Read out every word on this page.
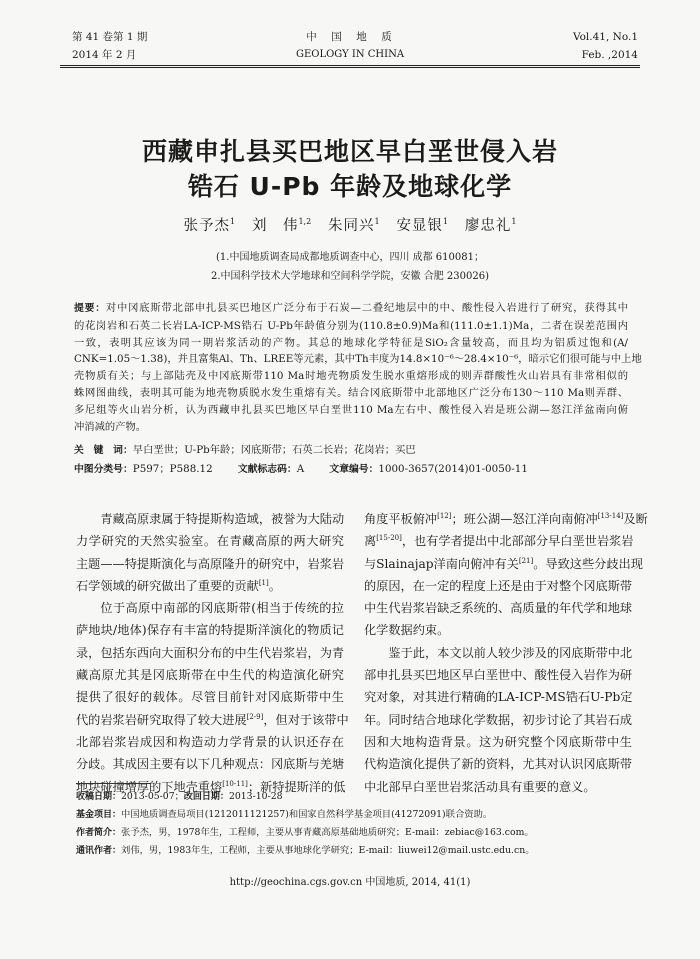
第 41 卷第 1 期
2014 年 2 月
中　国　地　质
GEOLOGY IN CHINA
Vol.41, No.1
Feb. ,2014
西藏申扎县买巴地区早白垩世侵入岩
锆石 U-Pb 年龄及地球化学
张予杰$^1$ 刘　伟$^{1,2}$ 朱同兴$^1$ 安显银$^1$ 廖忠礼$^1$
(1.中国地质调查局成都地质调查中心，四川 成都 610081；
2.中国科学技术大学地球和空间科学学院，安徽 合肥 230026)
提要：对中冈底斯带北部申扎县买巴地区广泛分布于石炭—二叠纪地层中的中、酸性侵入岩进行了研究，获得其中
的花岗岩和石英二长岩LA-ICP-MS锆石 U-Pb年龄值分别为(110.8±0.9)Ma和(111.0±1.1)Ma，二者在误差范围内
一致，表明其应该为同一期岩浆活动的产物。其总的地球化学特征是SiO₂含量较高，而且均为铝质过饱和(A/
CNK=1.05～1.38)，并且富集Al、Th、LREE等元素，其中Th丰度为14.8×10⁻⁶～28.4×10⁻⁶，暗示它们很可能与中上地
壳物质有关；与上部陆壳及中冈底斯带110 Ma时地壳物质发生脱水重熔形成的则弄群酸性火山岩具有非常相似的
蛛网图曲线，表明其可能为地壳物质脱水发生重熔有关。结合冈底斯带中北部地区广泛分布130～110 Ma则弄群、
多尼组等火山岩分析，认为西藏申扎县买巴地区早白垩世110 Ma左右中、酸性侵入岩是班公湖—怒江洋盆南向俯
冲消减的产物。
关　键　词：早白垩世；U-Pb年龄；冈底斯带；石英二长岩；花岗岩；买巴
中图分类号：P597；P588.12	文献标志码：A	文章编号：1000-3657(2014)01-0050-11
青藏高原隶属于特提斯构造域，被誉为大陆动
力学研究的天然实验室。在青藏高原的两大研究
主题——特提斯演化与高原隆升的研究中，岩浆岩
石学领域的研究做出了重要的贡献[1]。
位于高原中南部的冈底斯带(相当于传统的拉
萨地块/地体)保存有丰富的特提斯洋演化的物质记
录，包括东西向大面积分布的中生代岩浆岩，为青
藏高原尤其是冈底斯带在中生代的构造演化研究
提供了很好的载体。尽管目前针对冈底斯带中生
代的岩浆岩研究取得了较大进展[2-9]，但对于该带中
北部岩浆岩成因和构造动力学背景的认识还存在
分歧。其成因主要有以下几种观点：冈底斯与羌塘
地块碰撞增厚的下地壳重熔[10-11]；新特提斯洋的低
角度平板俯冲[12]；班公湖—怒江洋向南俯冲[13-14]及断
离[15-20]，也有学者提出中北部部分早白垩世岩浆岩
与Slainajap洋南向俯冲有关[21]。导致这些分歧出现
的原因，在一定的程度上还是由于对整个冈底斯带
中生代岩浆岩缺乏系统的、高质量的年代学和地球
化学数据约束。
鉴于此，本文以前人较少涉及的冈底斯带中北
部申扎县买巴地区早白垩世中、酸性侵入岩作为研
究对象，对其进行精确的LA-ICP-MS锆石U-Pb定
年。同时结合地球化学数据，初步讨论了其岩石成
因和大地构造背景。这为研究整个冈底斯带中生
代构造演化提供了新的资料，尤其对认识冈底斯带
中北部早白垩世岩浆活动具有重要的意义。
收稿日期：2013-05-07；改回日期：2013-10-28
基金项目：中国地质调查局项目(1212011121257)和国家自然科学基金项目(41272091)联合资助。
作者简介：张予杰，男，1978年生，工程师，主要从事青藏高原基础地质研究；E-mail：zebiac@163.com。
通讯作者：刘伟，男，1983年生，工程师，主要从事地球化学研究；E-mail：liuwei12@mail.ustc.edu.cn。
http://geochina.cgs.gov.cn 中国地质, 2014, 41(1)
